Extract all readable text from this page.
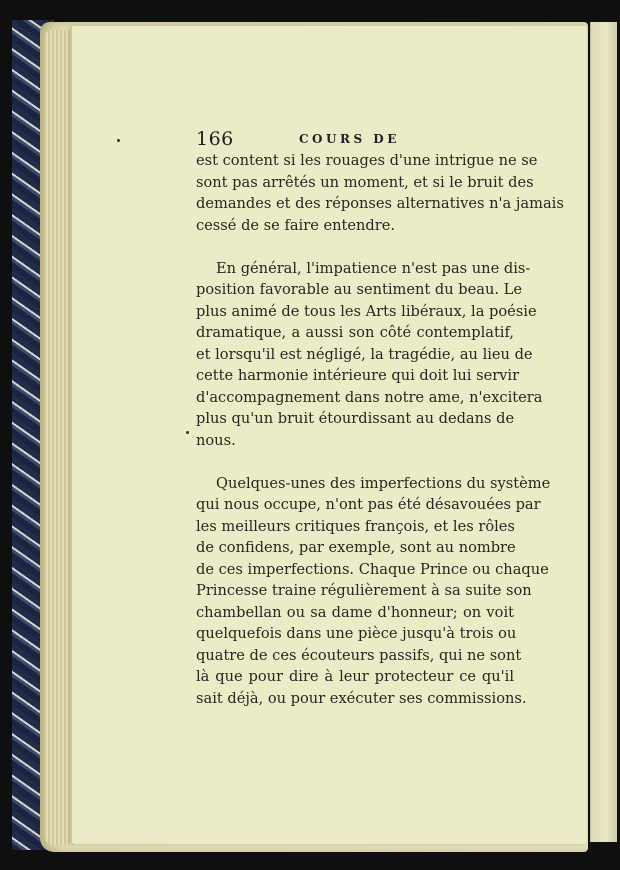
166	COURS DE

est content si les rouages d'une intrigue ne se
sont pas arrêtés un moment, et si le bruit des
demandes et des réponses alternatives n'a jamais
cessé de se faire entendre.

En général, l'impatience n'est pas une dis-
position favorable au sentiment du beau. Le
plus animé de tous les Arts libéraux, la poésie
dramatique, a aussi son côté contemplatif,
et lorsqu'il est négligé, la tragédie, au lieu de
cette harmonie intérieure qui doit lui servir
d'accompagnement dans notre ame, n'excitera
plus qu'un bruit étourdissant au dedans de
nous.

Quelques-unes des imperfections du système
qui nous occupe, n'ont pas été désavouées par
les meilleurs critiques françois, et les rôles
de confidens, par exemple, sont au nombre
de ces imperfections. Chaque Prince ou chaque
Princesse traine régulièrement à sa suite son
chambellan ou sa dame d'honneur; on voit
quelquefois dans une pièce jusqu'à trois ou
quatre de ces écouteurs passifs, qui ne sont
là que pour dire à leur protecteur ce qu'il
sait déjà, ou pour exécuter ses commissions.
